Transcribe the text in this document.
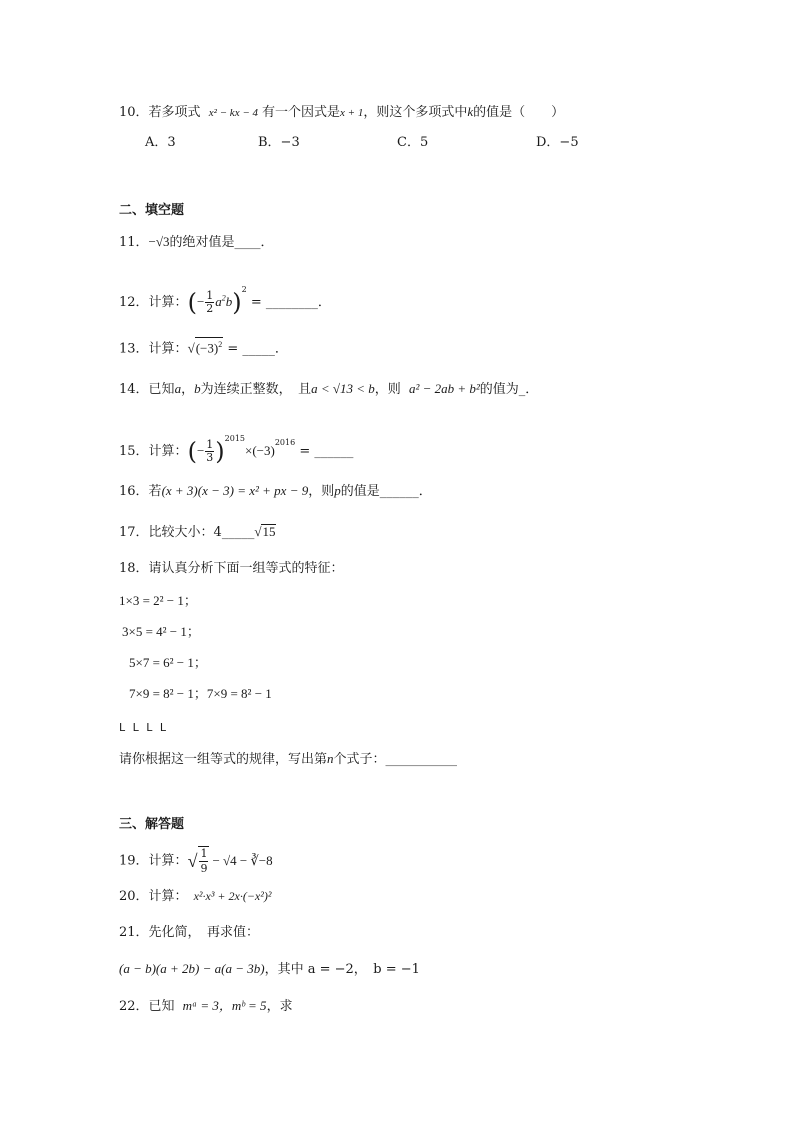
10．若多项式 x² − kx − 4 有一个因式是x + 1，则这个多项式中k的值是（　　）
A．3	B．−3	C．5	D．−5
二、填空题
11．−√3的绝对值是____．
12．计算：(− $\frac{1}{2} a^2b)^2$ = ________．
13．计算：$√(-3)^2$ = _____．
14．已知a，b为连续正整数，　且a < √13 < b，则 a² − 2ab + b²的值为_．
15．计算：(− $\frac{1}{3} )^{2015}\times(-3)^{2016}$ = ______
16．若(x + 3)(x − 3) = x² + px − 9，则p的值是______．
17．比较大小：4_____√15
18．请认真分析下面一组等式的特征：
1×3 = 2² − 1；
3×5 = 4² − 1；
5×7 = 6² − 1；
7×9 = 8² − 1；7×9 = 8² − 1
L L L L
请你根据这一组等式的规律，写出第n个式子：___________
三、解答题
19．计算：√ $\frac{1}{9} - √4$ − ∛−8
20．计算： x²·x³ + 2x·(−x²)²
21．先化简，　再求值：
(a − b)(a + 2b) − a(a − 3b)，其中 a = −2，　b = −1
22．已知 mᵃ = 3，mᵇ = 5，求
